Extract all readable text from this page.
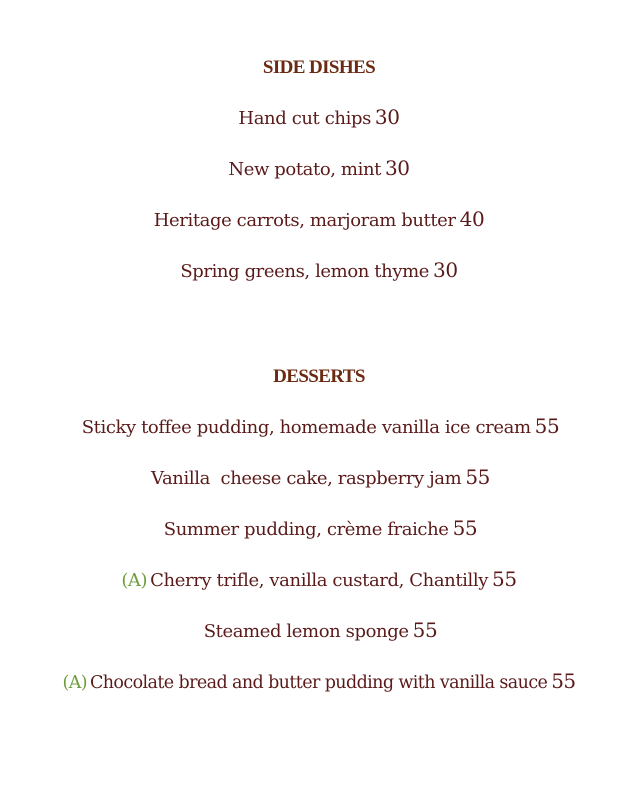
SIDE DISHES
Hand cut chips 30
New potato, mint 30
Heritage carrots, marjoram butter 40
Spring greens, lemon thyme 30
DESSERTS
Sticky toffee pudding, homemade vanilla ice cream 55
Vanilla  cheese cake, raspberry jam 55
Summer pudding, crème fraiche 55
(A) Cherry trifle, vanilla custard, Chantilly 55
Steamed lemon sponge 55
(A) Chocolate bread and butter pudding with vanilla sauce 55
